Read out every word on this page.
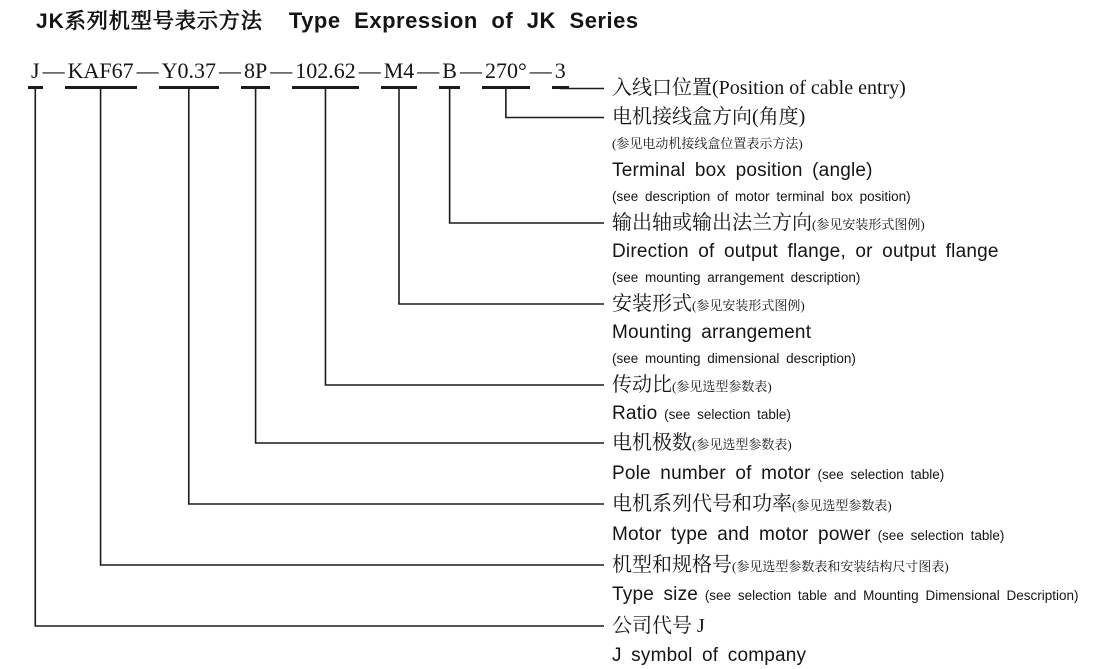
JK系列机型号表示方法 Type Expression of JK Series
J — KAF67 — Y0.37 — 8P — 102.62 — M4 — B — 270° — 3
入线口位置(Position of cable entry)
电机接线盒方向(角度)
(参见电动机接线盒位置表示方法)
Terminal box position (angle)
(see description of motor terminal box position)
输出轴或输出法兰方向(参见安装形式图例)
Direction of output flange, or output flange
(see mounting arrangement description)
安装形式(参见安装形式图例)
Mounting arrangement
(see mounting dimensional description)
传动比(参见选型参数表)
Ratio (see selection table)
电机极数(参见选型参数表)
Pole number of motor (see selection table)
电机系列代号和功率(参见选型参数表)
Motor type and motor power (see selection table)
机型和规格号(参见选型参数表和安装结构尺寸图表)
Type size (see selection table and Mounting Dimensional Description)
公司代号 J
J symbol of company
